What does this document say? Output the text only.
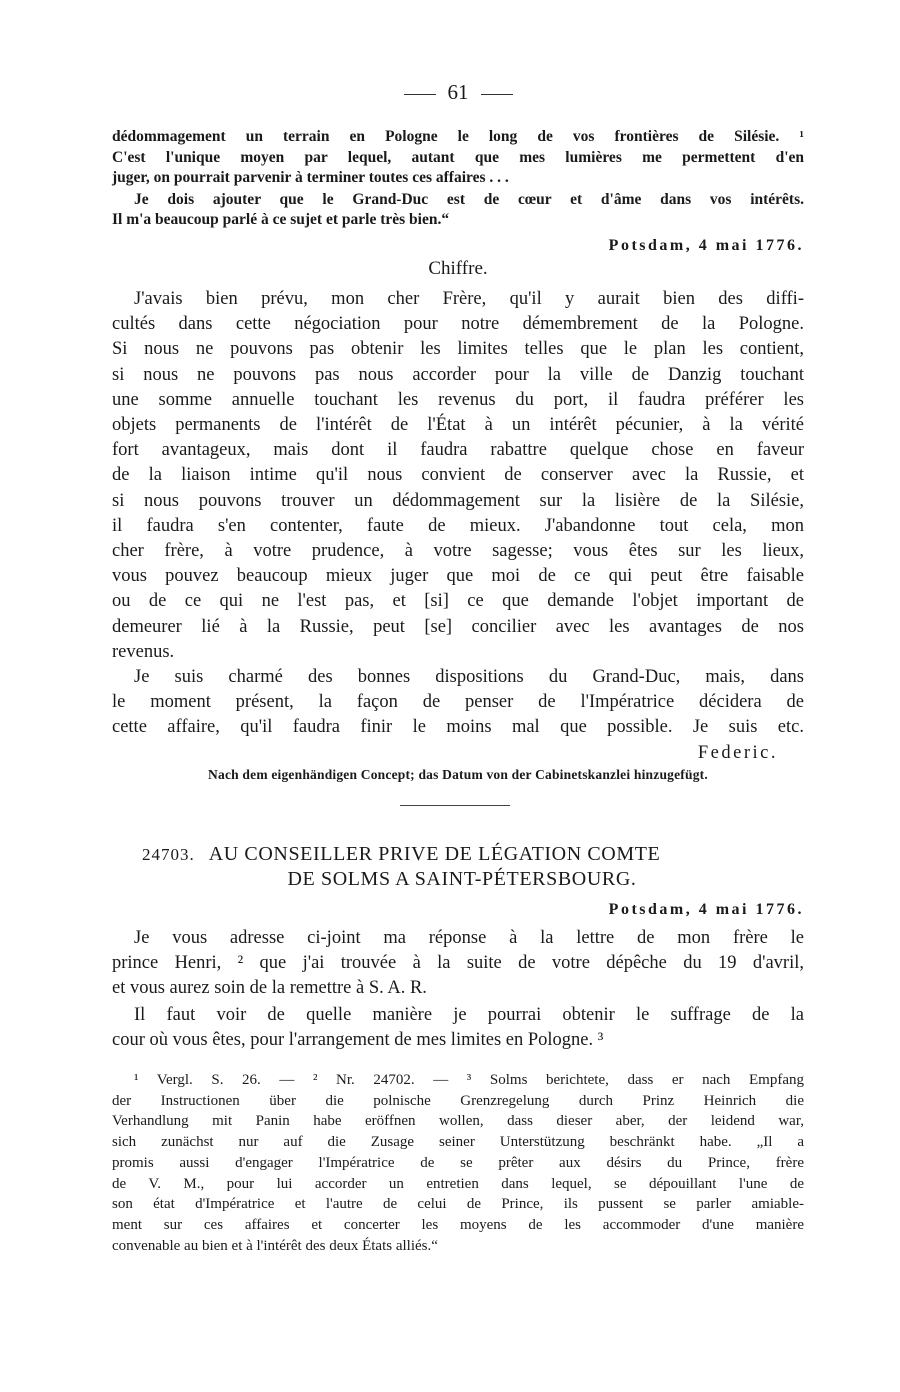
61
dédommagement un terrain en Pologne le long de vos frontières de Silésie. ¹
C'est l'unique moyen par lequel, autant que mes lumières me permettent d'en
juger, on pourrait parvenir à terminer toutes ces affaires . . .
Je dois ajouter que le Grand-Duc est de cœur et d'âme dans vos intérêts.
Il m'a beaucoup parlé à ce sujet et parle très bien.“
Potsdam, 4 mai 1776.
Chiffre.
J'avais bien prévu, mon cher Frère, qu'il y aurait bien des diffi-
cultés dans cette négociation pour notre démembrement de la Pologne.
Si nous ne pouvons pas obtenir les limites telles que le plan les contient,
si nous ne pouvons pas nous accorder pour la ville de Danzig touchant
une somme annuelle touchant les revenus du port, il faudra préférer les
objets permanents de l'intérêt de l'État à un intérêt pécunier, à la vérité
fort avantageux, mais dont il faudra rabattre quelque chose en faveur
de la liaison intime qu'il nous convient de conserver avec la Russie, et
si nous pouvons trouver un dédommagement sur la lisière de la Silésie,
il faudra s'en contenter, faute de mieux. J'abandonne tout cela, mon
cher frère, à votre prudence, à votre sagesse; vous êtes sur les lieux,
vous pouvez beaucoup mieux juger que moi de ce qui peut être faisable
ou de ce qui ne l'est pas, et [si] ce que demande l'objet important de
demeurer lié à la Russie, peut [se] concilier avec les avantages de nos
revenus.
Je suis charmé des bonnes dispositions du Grand-Duc, mais, dans
le moment présent, la façon de penser de l'Impératrice décidera de
cette affaire, qu'il faudra finir le moins mal que possible. Je suis etc.
Federic.
Nach dem eigenhändigen Concept; das Datum von der Cabinetskanzlei hinzugefügt.
24703. AU CONSEILLER PRIVE DE LÉGATION COMTE
DE SOLMS A SAINT-PÉTERSBOURG.
Potsdam, 4 mai 1776.
Je vous adresse ci-joint ma réponse à la lettre de mon frère le
prince Henri, ² que j'ai trouvée à la suite de votre dépêche du 19 d'avril,
et vous aurez soin de la remettre à S. A. R.
Il faut voir de quelle manière je pourrai obtenir le suffrage de la
cour où vous êtes, pour l'arrangement de mes limites en Pologne. ³
¹ Vergl. S. 26. — ² Nr. 24702. — ³ Solms berichtete, dass er nach Empfang
der Instructionen über die polnische Grenzregelung durch Prinz Heinrich die
Verhandlung mit Panin habe eröffnen wollen, dass dieser aber, der leidend war,
sich zunächst nur auf die Zusage seiner Unterstützung beschränkt habe. „Il a
promis aussi d'engager l'Impératrice de se prêter aux désirs du Prince, frère
de V. M., pour lui accorder un entretien dans lequel, se dépouillant l'une de
son état d'Impératrice et l'autre de celui de Prince, ils pussent se parler amiable-
ment sur ces affaires et concerter les moyens de les accommoder d'une manière
convenable au bien et à l'intérêt des deux États alliés.“
